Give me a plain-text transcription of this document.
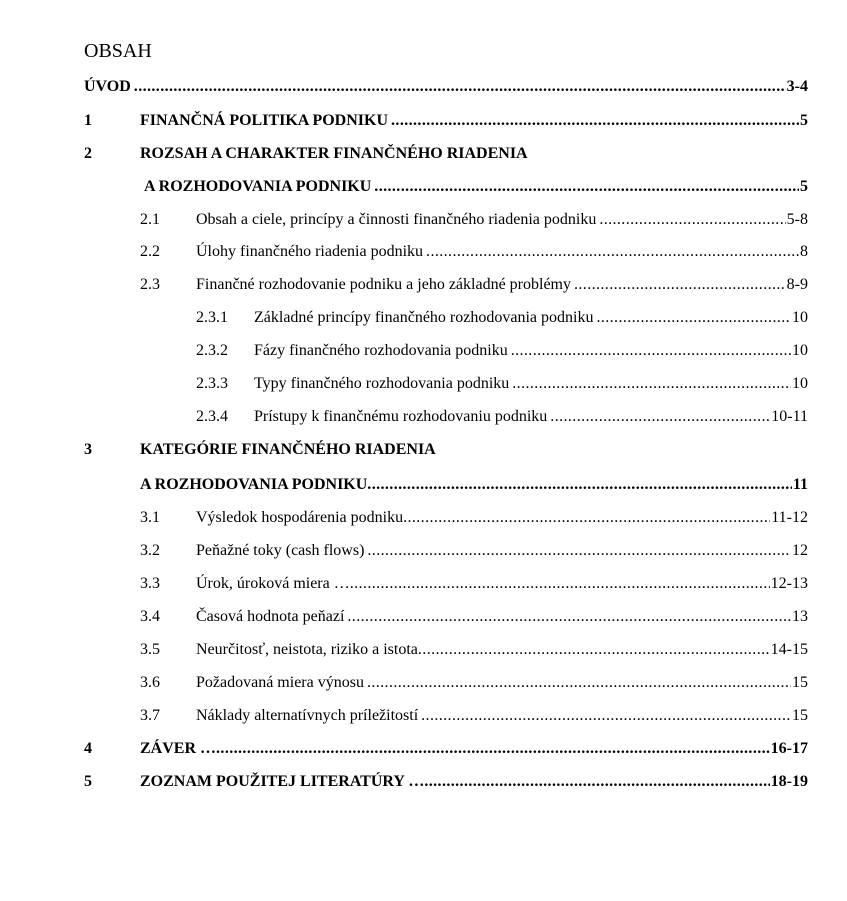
OBSAH
ÚVOD .....	3-4
1	FINANČNÁ POLITIKA PODNIKU .....	5
2	ROZSAH A CHARAKTER FINANČNÉHO RIADENIA
A ROZHODOVANIA PODNIKU .....	5
2.1 Obsah a ciele, princípy a činnosti finančného riadenia podniku .....	5-8
2.2 Úlohy finančného riadenia podniku .....	8
2.3 Finančné rozhodovanie podniku a jeho základné problémy .....	8-9
2.3.1 Základné princípy finančného rozhodovania podniku .....	10
2.3.2 Fázy finančného rozhodovania podniku .....	10
2.3.3 Typy finančného rozhodovania podniku .....	10
2.3.4 Prístupy k finančnému rozhodovaniu podniku .....	10-11
3	KATEGÓRIE FINANČNÉHO RIADENIA
A ROZHODOVANIA PODNIKU .....	11
3.1 Výsledok hospodárenia podniku .....	11-12
3.2 Peňažné toky (cash flows) .....	12
3.3 Úrok, úroková miera … .....	12-13
3.4 Časová hodnota peňazí .....	13
3.5 Neurčitosť, neistota, riziko a istota .....	14-15
3.6 Požadovaná miera výnosu .....	15
3.7 Náklady alternatívnych príležitostí .....	15
4	ZÁVER … .....	16-17
5	ZOZNAM POUŽITEJ LITERATÚRY … .....	18-19
